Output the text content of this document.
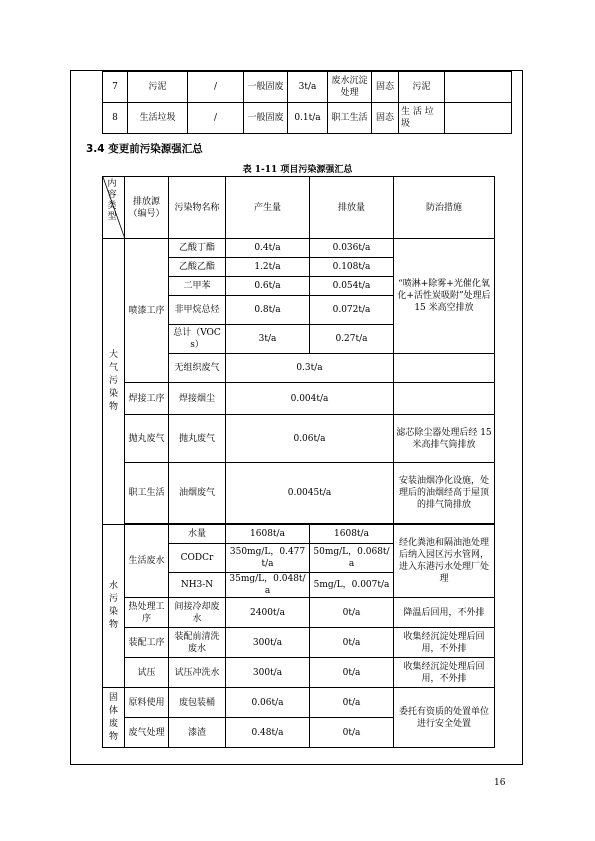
7	污泥	/	一般固废	3t/a	废水沉淀处理	固态	污泥	
8	生活垃圾	/	一般固废	0.1t/a	职工生活	固态	生 活 垃圾	
3.4 变更前污染源强汇总
表 1-11 项目污染源强汇总
内容类型	排放源（编号）	污染物名称	产生量	排放量	防治措施
大气污染物	喷漆工序	乙酸丁酯	0.4t/a	0.036t/a	“喷淋+除雾+光催化氧化+活性炭吸附”处理后 15 米高空排放
		乙酸乙酯	1.2t/a	0.108t/a	
		二甲苯	0.6t/a	0.054t/a	
		非甲烷总烃	0.8t/a	0.072t/a	
		总计（VOCs）	3t/a	0.27t/a	
		无组织废气	0.3t/a		
	焊接工序	焊接烟尘	0.004t/a		
	抛丸废气	抛丸废气	0.06t/a		滤芯除尘器处理后经 15 米高排气筒排放
	职工生活	油烟废气	0.0045t/a		安装油烟净化设施，处理后的油烟经高于屋顶的排气筒排放

水污染物	生活废水	水量	1608t/a	1608t/a	经化粪池和隔油池处理后纳入园区污水管网，进入东港污水处理厂处理
		CODCr	350mg/L，0.477t/a	50mg/L，0.068t/a	
		NH3-N	35mg/L，0.048t/a	5mg/L，0.007t/a	
	热处理工序	间接冷却废水	2400t/a	0t/a	降温后回用，不外排
	装配工序	装配前清洗废水	300t/a	0t/a	收集经沉淀处理后回用，不外排
	试压	试压冲洗水	300t/a	0t/a	收集经沉淀处理后回用，不外排
固体废物	原料使用	废包装桶	0.06t/a	0t/a	委托有资质的处置单位进行安全处置
	废气处理	漆渣	0.48t/a	0t/a	
16
